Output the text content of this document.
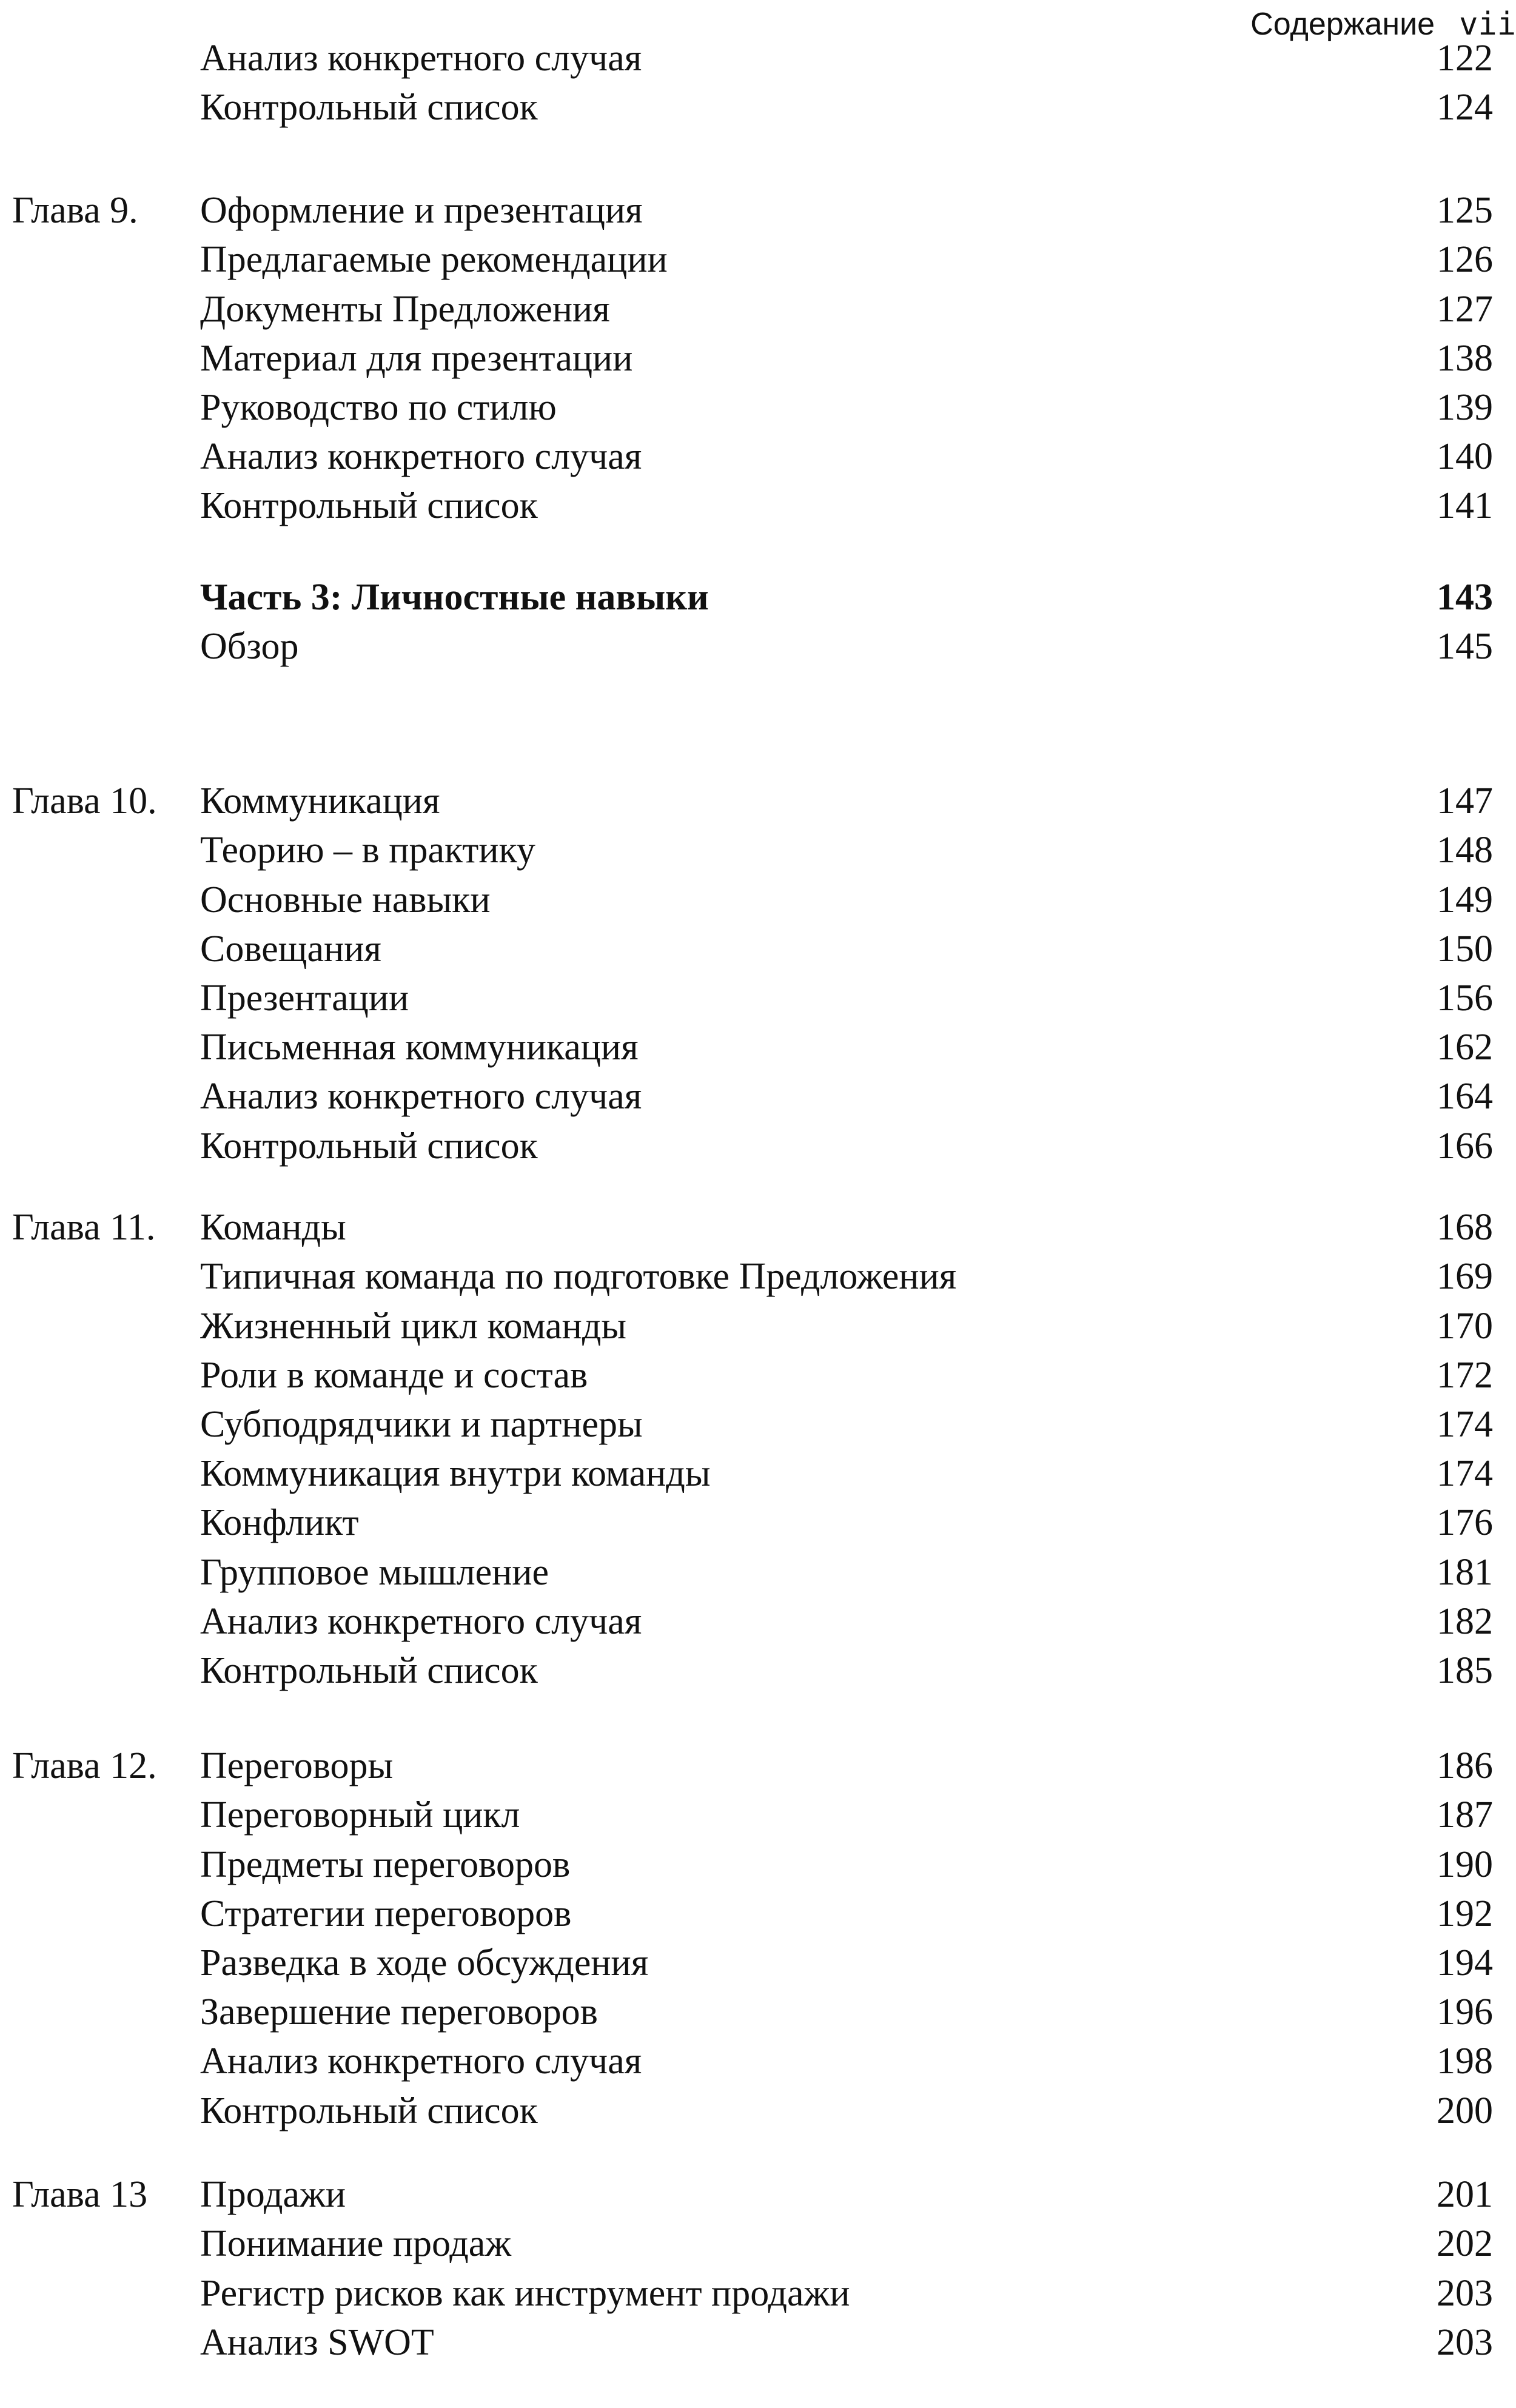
Содержание vii
Анализ конкретного случая	122
Контрольный список	124
Глава 9. Оформление и презентация	125
Предлагаемые рекомендации	126
Документы Предложения	127
Материал для презентации	138
Руководство по стилю	139
Анализ конкретного случая	140
Контрольный список	141
Часть 3: Личностные навыки	143
Обзор	145
Глава 10. Коммуникация	147
Теорию – в практику	148
Основные навыки	149
Совещания	150
Презентации	156
Письменная коммуникация	162
Анализ конкретного случая	164
Контрольный список	166
Глава 11. Команды	168
Типичная команда по подготовке Предложения	169
Жизненный цикл команды	170
Роли в команде и состав	172
Субподрядчики и партнеры	174
Коммуникация внутри команды	174
Конфликт	176
Групповое мышление	181
Анализ конкретного случая	182
Контрольный список	185
Глава 12. Переговоры	186
Переговорный цикл	187
Предметы переговоров	190
Стратегии переговоров	192
Разведка в ходе обсуждения	194
Завершение переговоров	196
Анализ конкретного случая	198
Контрольный список	200
Глава 13 Продажи	201
Понимание продаж	202
Регистр рисков как инструмент продажи	203
Анализ SWOT	203
